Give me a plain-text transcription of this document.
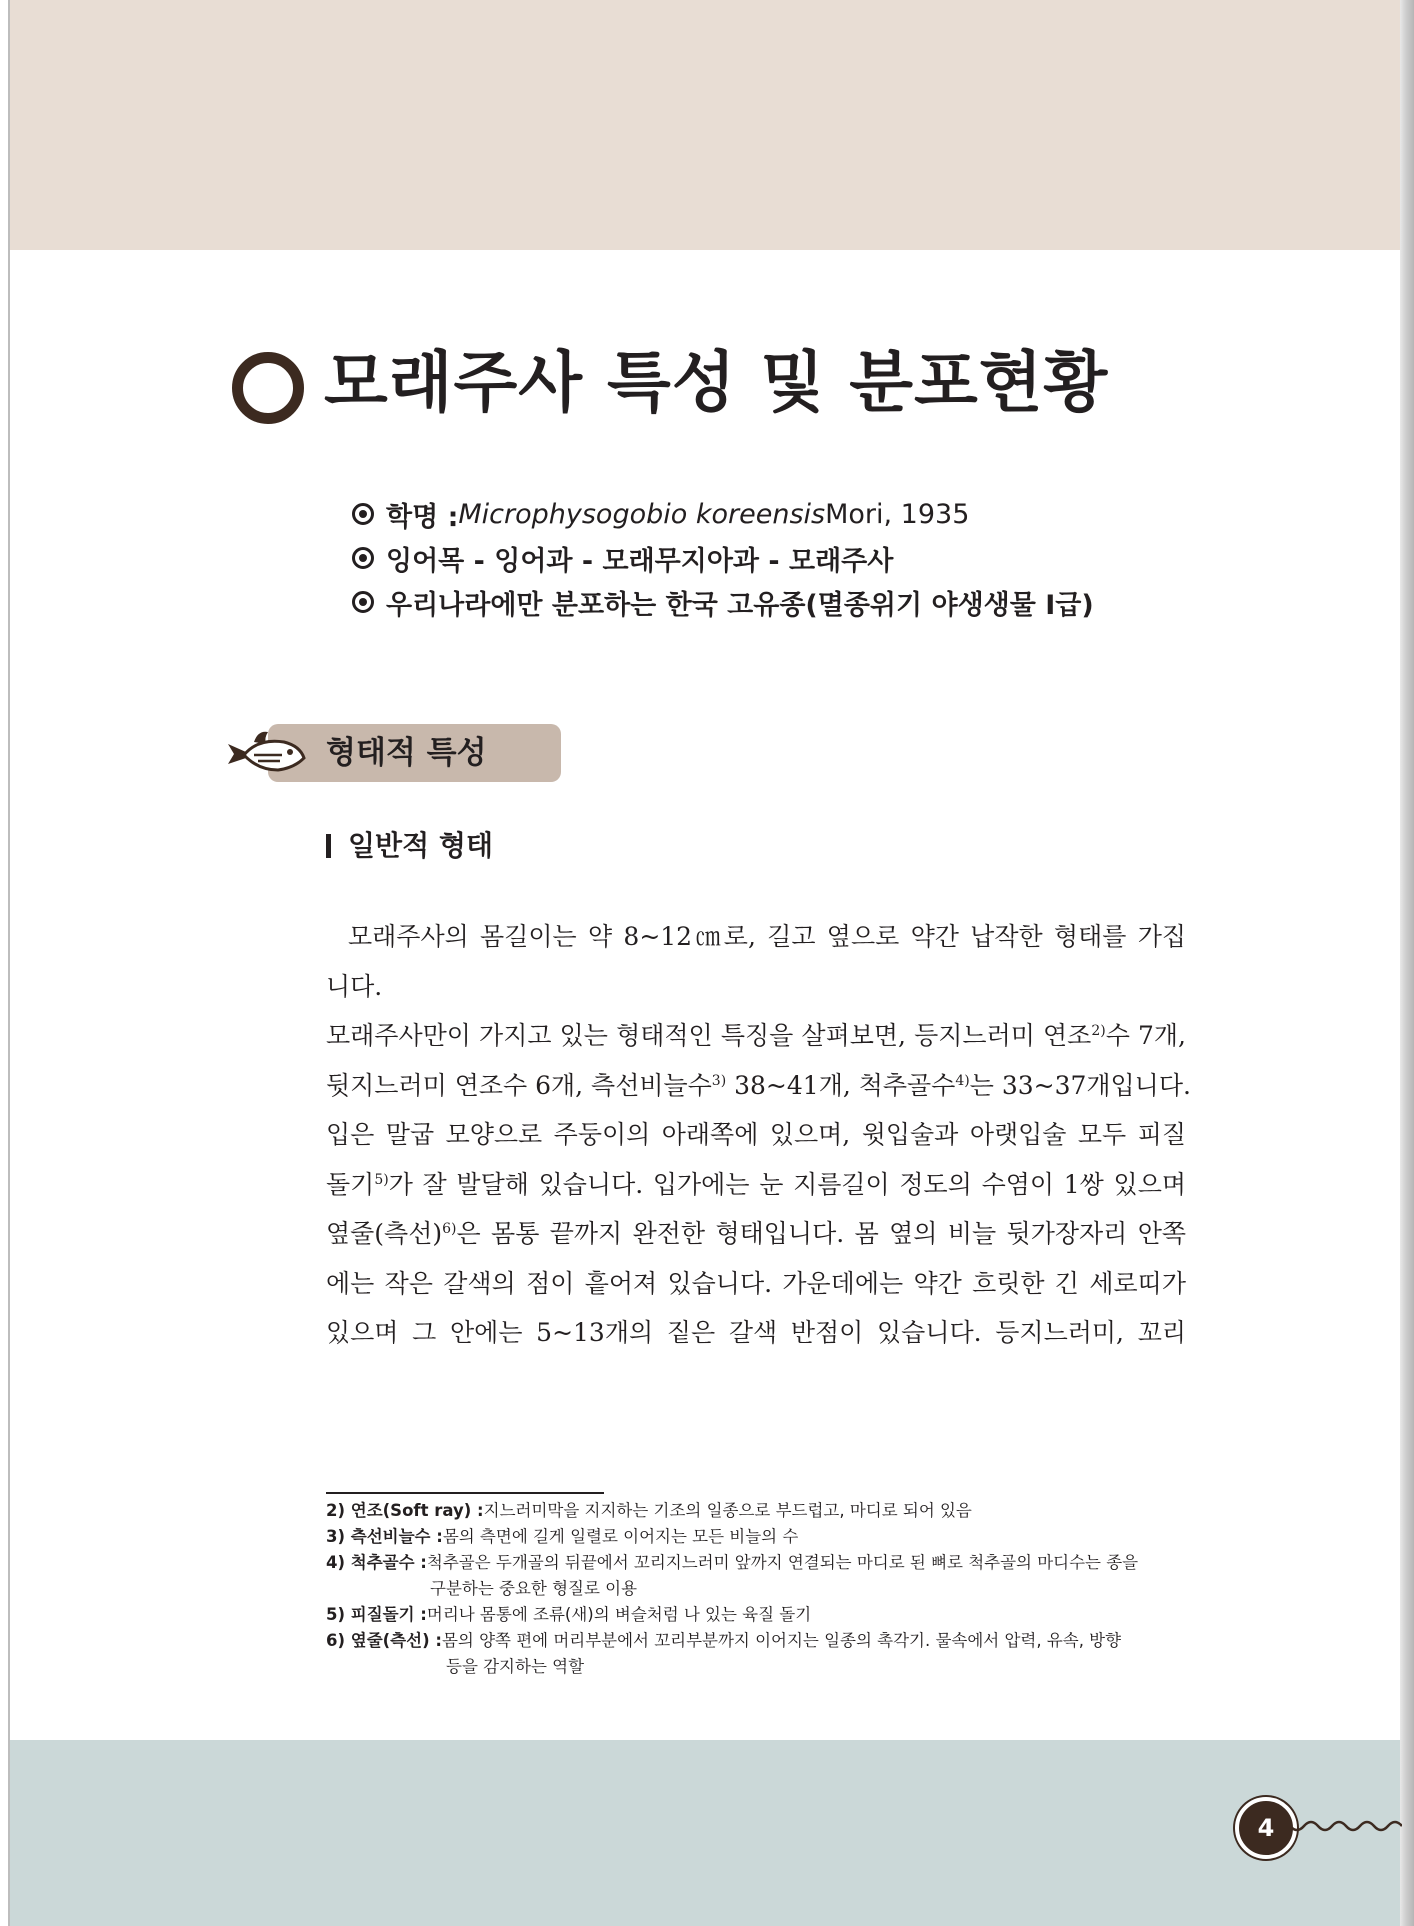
모래주사 특성 및 분포현황
학명 : Microphysogobio koreensis Mori, 1935
잉어목 - 잉어과 - 모래무지아과 - 모래주사
우리나라에만 분포하는 한국 고유종(멸종위기 야생생물 I급)
형태적 특성
일반적 형태
모래주사의 몸길이는 약 8~12㎝로, 길고 옆으로 약간 납작한 형태를 가집
니다.
모래주사만이 가지고 있는 형태적인 특징을 살펴보면, 등지느러미 연조$^{2)}$수 7개,
뒷지느러미 연조수 6개, 측선비늘수$^{3)}$ 38~41개, 척추골수$^{4)}$는 33~37개입니다.
입은 말굽 모양으로 주둥이의 아래쪽에 있으며, 윗입술과 아랫입술 모두 피질
돌기$^{5)}$가 잘 발달해 있습니다. 입가에는 눈 지름길이 정도의 수염이 1쌍 있으며
옆줄(측선)$^{6)}$은 몸통 끝까지 완전한 형태입니다. 몸 옆의 비늘 뒷가장자리 안쪽
에는 작은 갈색의 점이 흩어져 있습니다. 가운데에는 약간 흐릿한 긴 세로띠가
있으며 그 안에는 5~13개의 짙은 갈색 반점이 있습니다. 등지느러미, 꼬리
2) 연조(Soft ray) : 지느러미막을 지지하는 기조의 일종으로 부드럽고, 마디로 되어 있음
3) 측선비늘수 : 몸의 측면에 길게 일렬로 이어지는 모든 비늘의 수
4) 척추골수 : 척추골은 두개골의 뒤끝에서 꼬리지느러미 앞까지 연결되는 마디로 된 뼈로 척추골의 마디수는 종을
구분하는 중요한 형질로 이용
5) 피질돌기 : 머리나 몸통에 조류(새)의 벼슬처럼 나 있는 육질 돌기
6) 옆줄(측선) : 몸의 양쪽 편에 머리부분에서 꼬리부분까지 이어지는 일종의 촉각기. 물속에서 압력, 유속, 방향
등을 감지하는 역할
4
